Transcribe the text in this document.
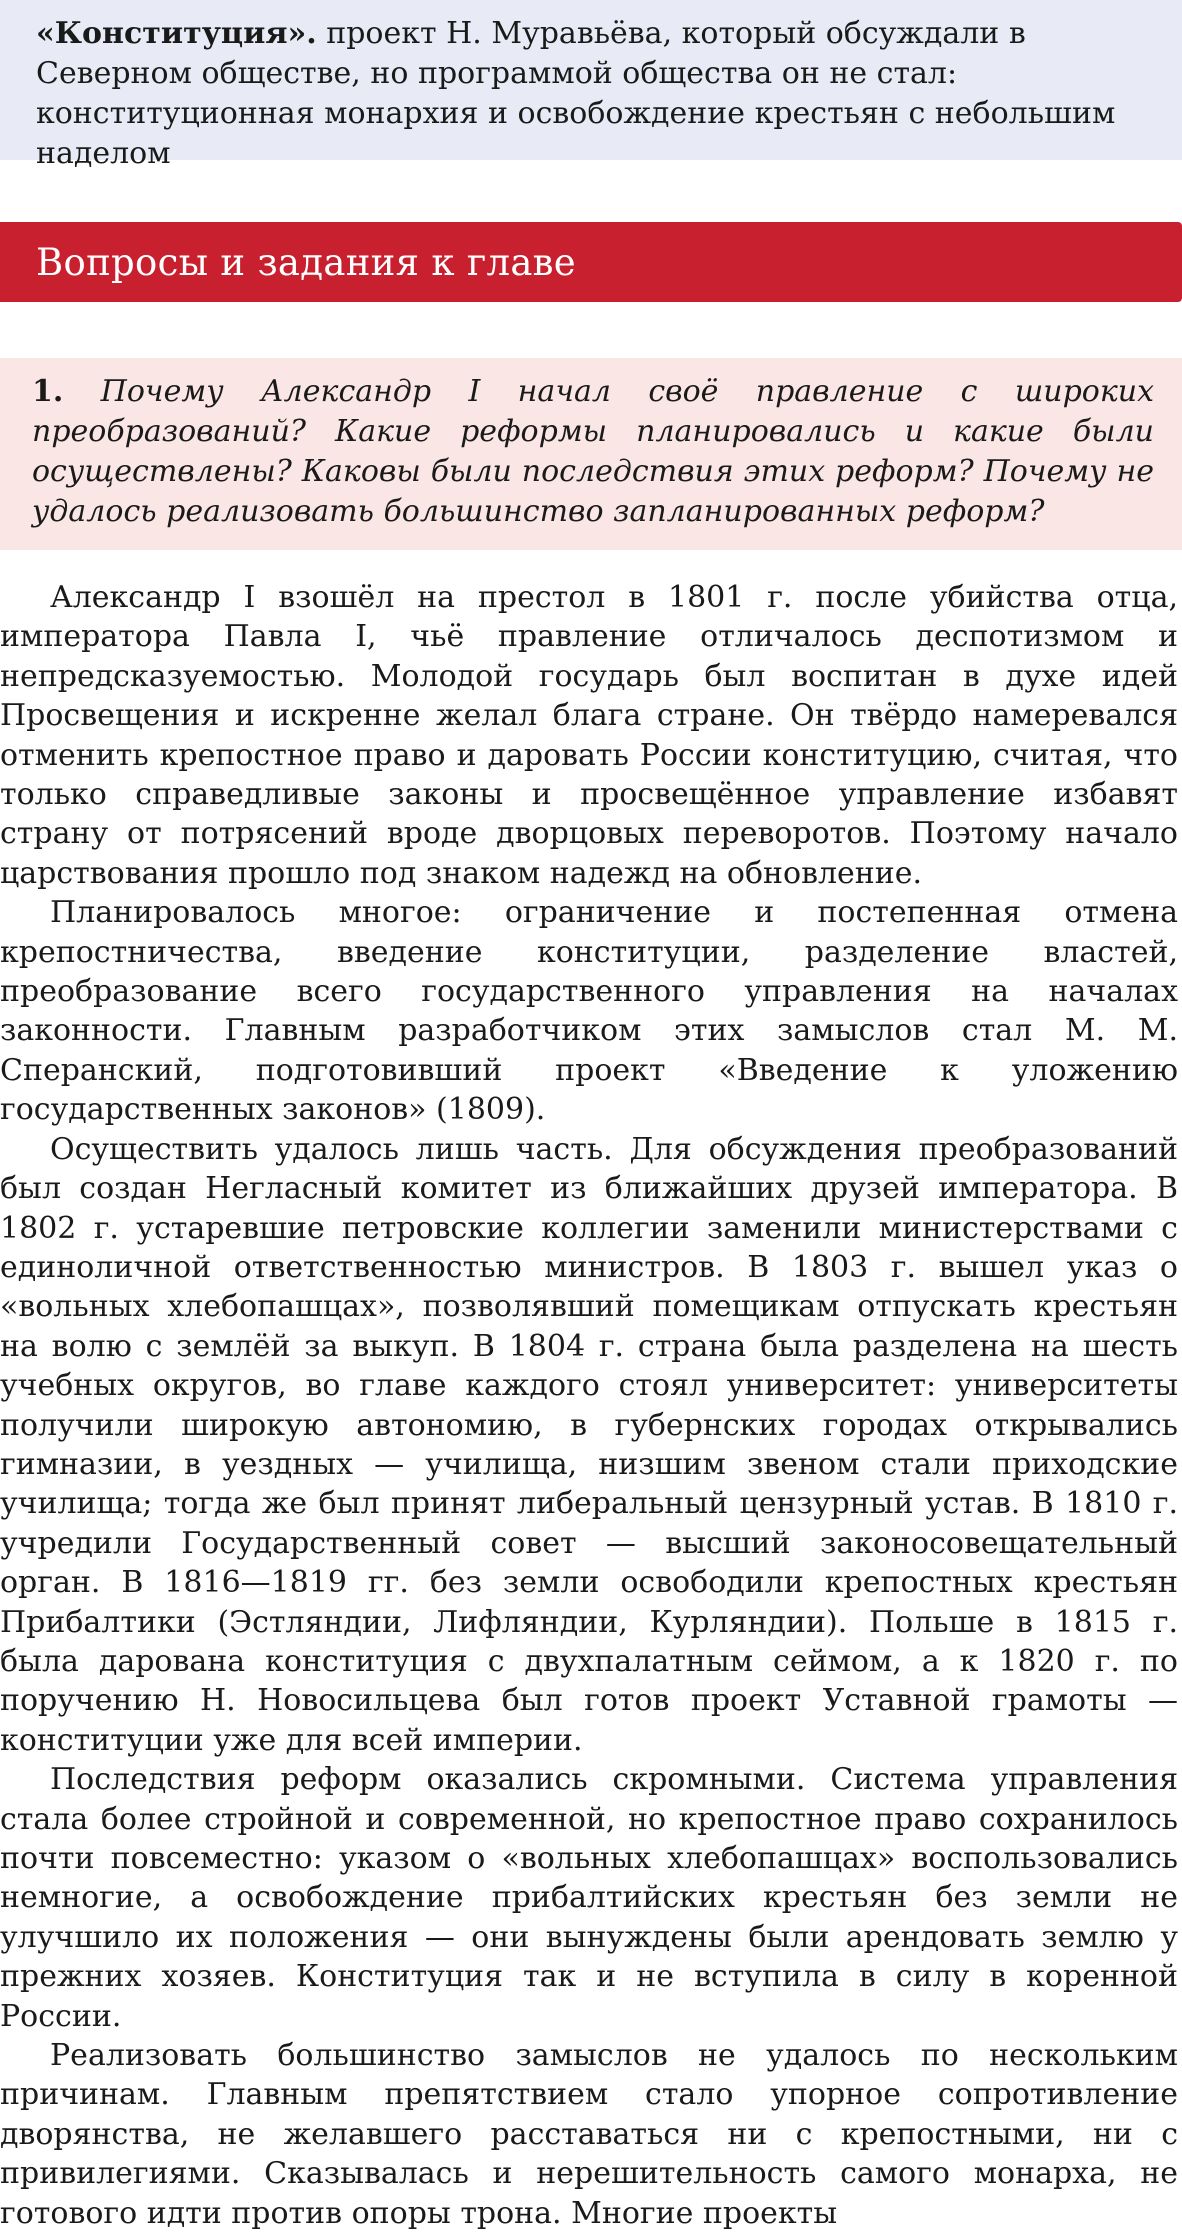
«Конституция». проект Н. Муравьёва, который обсуждали в Северном обществе, но программой общества он не стал: конституционная монархия и освобождение крестьян с небольшим наделом
Вопросы и задания к главе
1. Почему Александр I начал своё правление с широких преобразований? Какие реформы планировались и какие были осуществлены? Каковы были последствия этих реформ? Почему не удалось реализовать большинство запланированных реформ?

Александр I взошёл на престол в 1801 г. после убийства отца, императора Павла I, чьё правление отличалось деспотизмом и непредсказуемостью. Молодой государь был воспитан в духе идей Просвещения и искренне желал блага стране. Он твёрдо намеревался отменить крепостное право и даровать России конституцию, считая, что только справедливые законы и просвещённое управление избавят страну от потрясений вроде дворцовых переворотов. Поэтому начало царствования прошло под знаком надежд на обновление.

Планировалось многое: ограничение и постепенная отмена крепостничества, введение конституции, разделение властей, преобразование всего государственного управления на началах законности. Главным разработчиком этих замыслов стал М. М. Сперанский, подготовивший проект «Введение к уложению государственных законов» (1809).

Осуществить удалось лишь часть. Для обсуждения преобразований был создан Негласный комитет из ближайших друзей императора. В 1802 г. устаревшие петровские коллегии заменили министерствами с единоличной ответственностью министров. В 1803 г. вышел указ о «вольных хлебопашцах», позволявший помещикам отпускать крестьян на волю с землёй за выкуп. В 1804 г. страна была разделена на шесть учебных округов, во главе каждого стоял университет: университеты получили широкую автономию, в губернских городах открывались гимназии, в уездных — училища, низшим звеном стали приходские училища; тогда же был принят либеральный цензурный устав. В 1810 г. учредили Государственный совет — высший законосовещательный орган. В 1816—1819 гг. без земли освободили крепостных крестьян Прибалтики (Эстляндии, Лифляндии, Курляндии). Польше в 1815 г. была дарована конституция с двухпалатным сеймом, а к 1820 г. по поручению Н. Новосильцева был готов проект Уставной грамоты — конституции уже для всей империи.

Последствия реформ оказались скромными. Система управления стала более стройной и современной, но крепостное право сохранилось почти повсеместно: указом о «вольных хлебопашцах» воспользовались немногие, а освобождение прибалтийских крестьян без земли не улучшило их положения — они вынуждены были арендовать землю у прежних хозяев. Конституция так и не вступила в силу в коренной России.

Реализовать большинство замыслов не удалось по нескольким причинам. Главным препятствием стало упорное сопротивление дворянства, не желавшего расставаться ни с крепостными, ни с привилегиями. Сказывалась и нерешительность самого монарха, не готового идти против опоры трона. Многие проекты
